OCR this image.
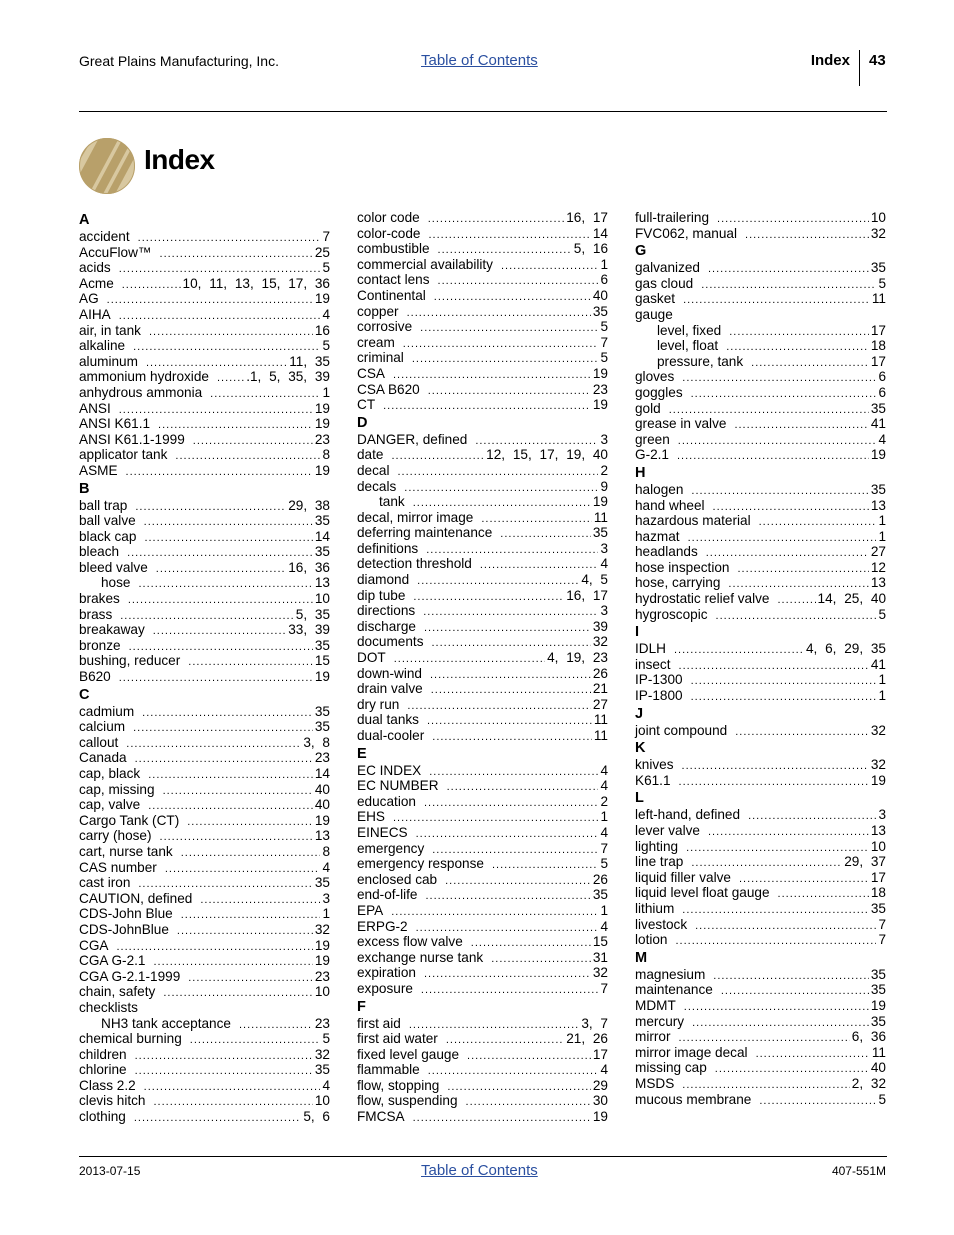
Great Plains Manufacturing, Inc.	Table of Contents	Index 43
Index
A
accident .....	7
AccuFlow™ .....	25
acids .....	5
Acme .....	10, 11, 13, 15, 17, 36
AG .....	19
AIHA .....	4
air, in tank .....	16
alkaline .....	5
aluminum .....	11, 35
ammonium hydroxide .....	.1, 5, 35, 39
anhydrous ammonia .....	1
ANSI .....	19
ANSI K61.1 .....	19
ANSI K61.1-1999 .....	23
applicator tank .....	8
ASME .....	19
B
ball trap .....	29, 38
ball valve .....	35
black cap .....	14
bleach .....	35
bleed valve .....	16, 36
hose .....	13
brakes .....	10
brass .....	5, 35
breakaway .....	33, 39
bronze .....	35
bushing, reducer .....	15
B620 .....	19
C
cadmium .....	35
calcium .....	35
callout .....	3, 8
Canada .....	23
cap, black .....	14
cap, missing .....	40
cap, valve .....	40
Cargo Tank (CT) .....	19
carry (hose) .....	13
cart, nurse tank .....	8
CAS number .....	4
cast iron .....	35
CAUTION, defined .....	3
CDS-John Blue .....	1
CDS-JohnBlue .....	32
CGA .....	19
CGA G-2.1 .....	19
CGA G-2.1-1999 .....	23
chain, safety .....	10
checklists
NH3 tank acceptance .....	23
chemical burning .....	5
children .....	32
chlorine .....	35
Class 2.2 .....	4
clevis hitch .....	10
clothing .....	5, 6
color code .....	16, 17
color-code .....	14
combustible .....	5, 16
commercial availability .....	1
contact lens .....	6
Continental .....	40
copper .....	35
corrosive .....	5
cream .....	7
criminal .....	5
CSA .....	19
CSA B620 .....	23
CT .....	19
D
DANGER, defined .....	3
date .....	12, 15, 17, 19, 40
decal .....	2
decals .....	9
tank .....	19
decal, mirror image .....	11
deferring maintenance .....	35
definitions .....	3
detection threshold .....	4
diamond .....	4, 5
dip tube .....	16, 17
directions .....	3
discharge .....	39
documents .....	32
DOT .....	4, 19, 23
down-wind .....	26
drain valve .....	21
dry run .....	27
dual tanks .....	11
dual-cooler .....	11
E
EC INDEX .....	4
EC NUMBER .....	4
education .....	2
EHS .....	1
EINECS .....	4
emergency .....	7
emergency response .....	5
enclosed cab .....	26
end-of-life .....	35
EPA .....	1
ERPG-2 .....	4
excess flow valve .....	15
exchange nurse tank .....	31
expiration .....	32
exposure .....	7
F
first aid .....	3, 7
first aid water .....	21, 26
fixed level gauge .....	17
flammable .....	4
flow, stopping .....	29
flow, suspending .....	30
FMCSA .....	19
full-trailering .....	10
FVC062, manual .....	32
G
galvanized .....	35
gas cloud .....	5
gasket .....	11
gauge
level, fixed .....	17
level, float .....	18
pressure, tank .....	17
gloves .....	6
goggles .....	6
gold .....	35
grease in valve .....	41
green .....	4
G-2.1 .....	19
H
halogen .....	35
hand wheel .....	13
hazardous material .....	1
hazmat .....	1
headlands .....	27
hose inspection .....	12
hose, carrying .....	13
hydrostatic relief valve .....	14, 25, 40
hygroscopic .....	5
I
IDLH .....	4, 6, 29, 35
insect .....	41
IP-1300 .....	1
IP-1800 .....	1
J
joint compound .....	32
K
knives .....	32
K61.1 .....	19
L
left-hand, defined .....	3
lever valve .....	13
lighting .....	10
line trap .....	29, 37
liquid filler valve .....	17
liquid level float gauge .....	18
lithium .....	35
livestock .....	7
lotion .....	7
M
magnesium .....	35
maintenance .....	35
MDMT .....	19
mercury .....	35
mirror .....	6, 36
mirror image decal .....	11
missing cap .....	40
MSDS .....	2, 32
mucous membrane .....	5
2013-07-15	Table of Contents	407-551M
